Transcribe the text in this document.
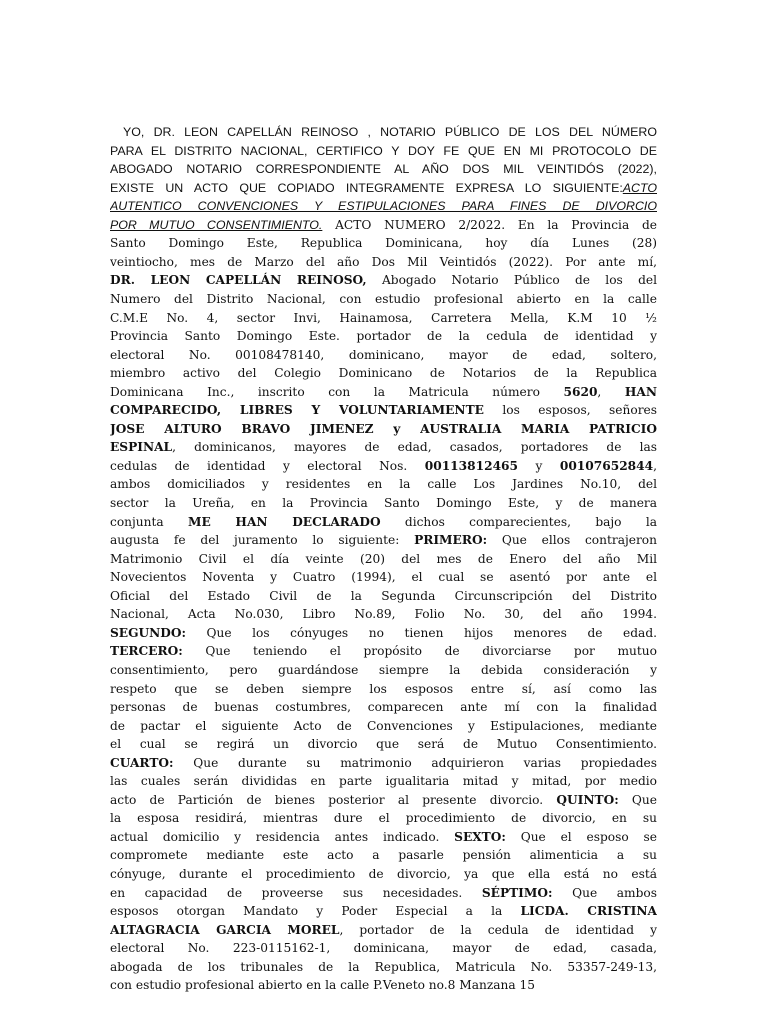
YO, DR. LEON CAPELLÁN REINOSO , NOTARIO PÚBLICO DE LOS DEL NÚMERO
PARA EL DISTRITO NACIONAL, CERTIFICO Y DOY FE QUE EN MI PROTOCOLO DE
ABOGADO NOTARIO CORRESPONDIENTE AL AÑO DOS MIL VEINTIDÓS (2022),
EXISTE UN ACTO QUE COPIADO INTEGRAMENTE EXPRESA LO SIGUIENTE:ACTO
AUTENTICO CONVENCIONES Y ESTIPULACIONES PARA FINES DE DIVORCIO
POR MUTUO CONSENTIMIENTO. ACTO NUMERO 2/2022. En la Provincia de
Santo Domingo Este, Republica Dominicana, hoy día Lunes (28)
veintiocho, mes de Marzo del año Dos Mil Veintidós (2022). Por ante mí,
DR. LEON CAPELLÁN REINOSO, Abogado Notario Público de los del
Numero del Distrito Nacional, con estudio profesional abierto en la calle
C.M.E No. 4, sector Invi, Hainamosa, Carretera Mella, K.M 10 ½
Provincia Santo Domingo Este. portador de la cedula de identidad y
electoral No. 00108478140, dominicano, mayor de edad, soltero,
miembro activo del Colegio Dominicano de Notarios de la Republica
Dominicana Inc., inscrito con la Matricula número 5620, HAN
COMPARECIDO, LIBRES Y VOLUNTARIAMENTE los esposos, señores
JOSE ALTURO BRAVO JIMENEZ y AUSTRALIA MARIA PATRICIO
ESPINAL, dominicanos, mayores de edad, casados, portadores de las
cedulas de identidad y electoral Nos. 00113812465 y 00107652844,
ambos domiciliados y residentes en la calle Los Jardines No.10, del
sector la Ureña, en la Provincia Santo Domingo Este, y de manera
conjunta ME HAN DECLARADO dichos comparecientes, bajo la
augusta fe del juramento lo siguiente: PRIMERO: Que ellos contrajeron
Matrimonio Civil el día veinte (20) del mes de Enero del año Mil
Novecientos Noventa y Cuatro (1994), el cual se asentó por ante el
Oficial del Estado Civil de la Segunda Circunscripción del Distrito
Nacional, Acta No.030, Libro No.89, Folio No. 30, del año 1994.
SEGUNDO: Que los cónyuges no tienen hijos menores de edad.
TERCERO: Que teniendo el propósito de divorciarse por mutuo
consentimiento, pero guardándose siempre la debida consideración y
respeto que se deben siempre los esposos entre sí, así como las
personas de buenas costumbres, comparecen ante mí con la finalidad
de pactar el siguiente Acto de Convenciones y Estipulaciones, mediante
el cual se regirá un divorcio que será de Mutuo Consentimiento.
CUARTO: Que durante su matrimonio adquirieron varias propiedades
las cuales serán divididas en parte igualitaria mitad y mitad, por medio
acto de Partición de bienes posterior al presente divorcio. QUINTO: Que
la esposa residirá, mientras dure el procedimiento de divorcio, en su
actual domicilio y residencia antes indicado. SEXTO: Que el esposo se
compromete mediante este acto a pasarle pensión alimenticia a su
cónyuge, durante el procedimiento de divorcio, ya que ella está no está
en capacidad de proveerse sus necesidades. SÉPTIMO: Que ambos
esposos otorgan Mandato y Poder Especial a la LICDA. CRISTINA
ALTAGRACIA GARCIA MOREL, portador de la cedula de identidad y
electoral No. 223-0115162-1, dominicana, mayor de edad, casada,
abogada de los tribunales de la Republica, Matricula No. 53357-249-13,
con estudio profesional abierto en la calle P.Veneto no.8 Manzana 15
